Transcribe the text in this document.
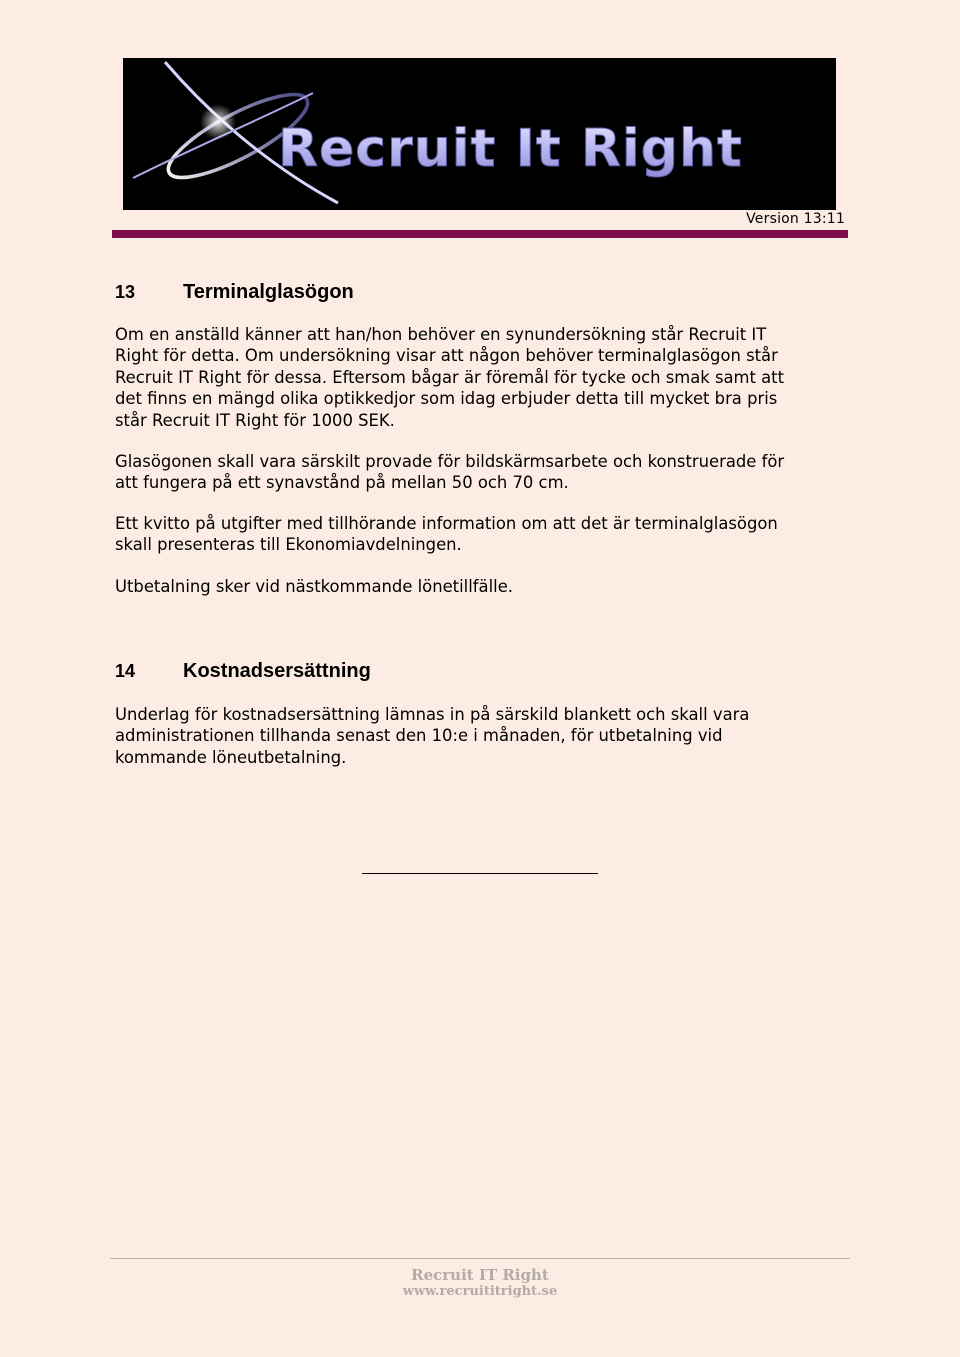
Recruit It Right
Version 13:11
13	Terminalglasögon

Om en anställd känner att han/hon behöver en synundersökning står Recruit IT
Right för detta. Om undersökning visar att någon behöver terminalglasögon står
Recruit IT Right för dessa. Eftersom bågar är föremål för tycke och smak samt att
det finns en mängd olika optikkedjor som idag erbjuder detta till mycket bra pris
står Recruit IT Right för 1000 SEK.

Glasögonen skall vara särskilt provade för bildskärmsarbete och konstruerade för
att fungera på ett synavstånd på mellan 50 och 70 cm.

Ett kvitto på utgifter med tillhörande information om att det är terminalglasögon
skall presenteras till Ekonomiavdelningen.

Utbetalning sker vid nästkommande lönetillfälle.

14	Kostnadsersättning

Underlag för kostnadsersättning lämnas in på särskild blankett och skall vara
administrationen tillhanda senast den 10:e i månaden, för utbetalning vid
kommande löneutbetalning.

Recruit IT Right
www.recruititright.se
